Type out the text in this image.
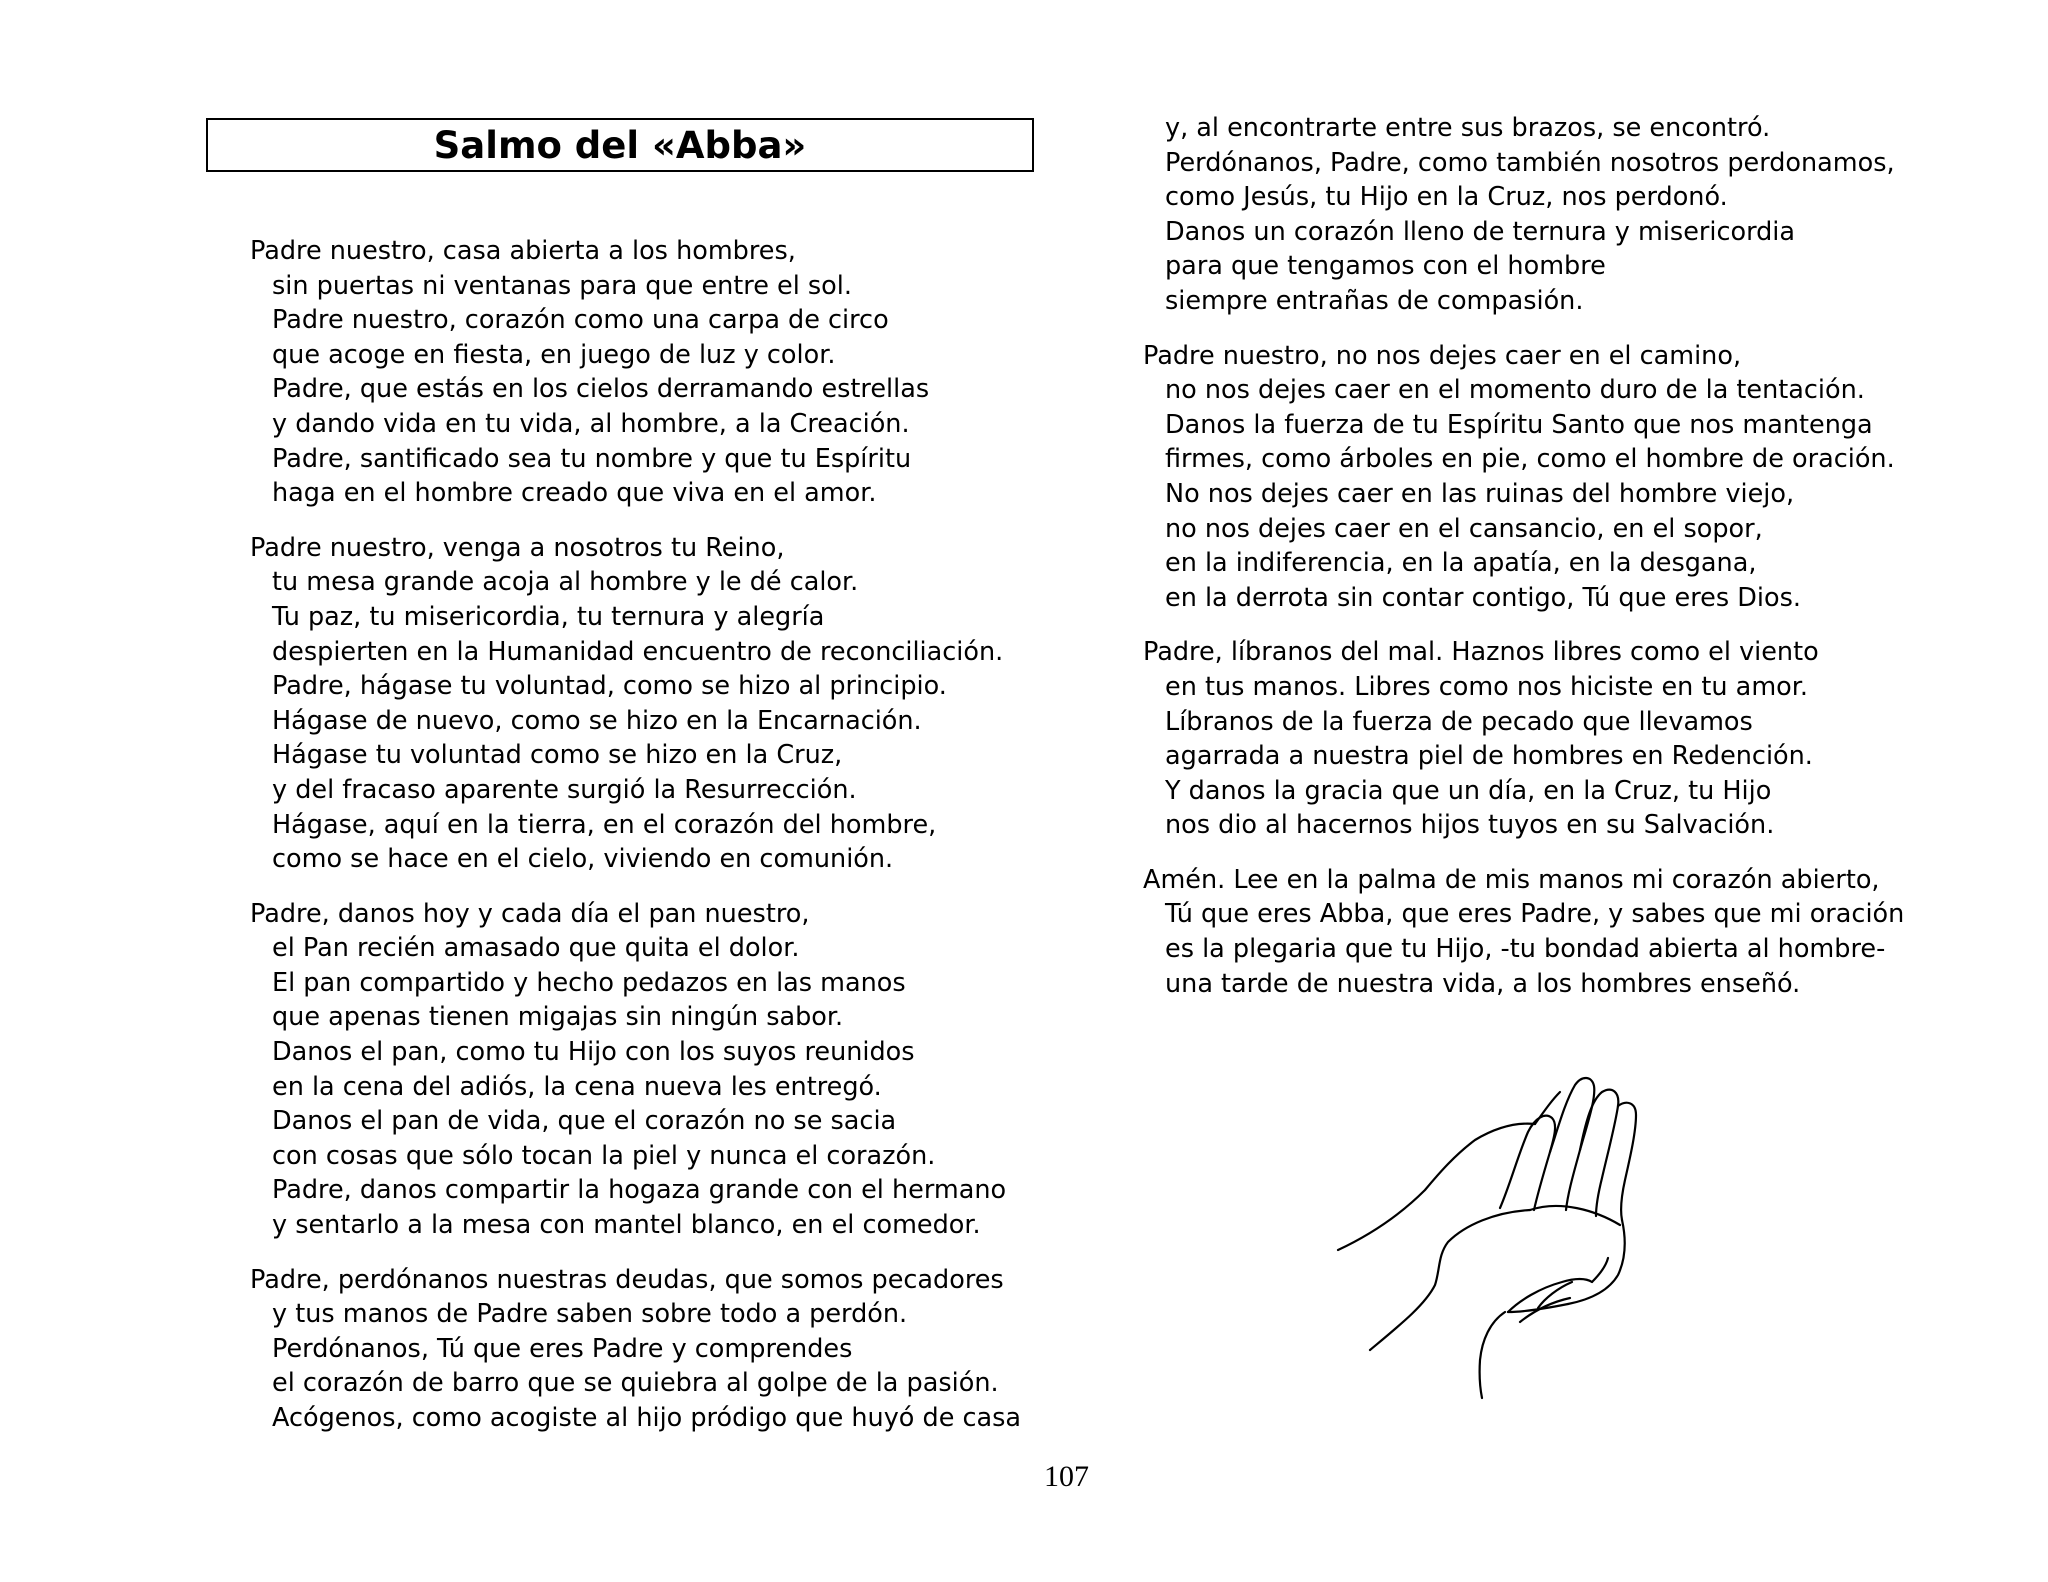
Salmo del «Abba»
Padre nuestro, casa abierta a los hombres,
sin puertas ni ventanas para que entre el sol.
Padre nuestro, corazón como una carpa de circo
que acoge en fiesta, en juego de luz y color.
Padre, que estás en los cielos derramando estrellas
y dando vida en tu vida, al hombre, a la Creación.
Padre, santificado sea tu nombre y que tu Espíritu
haga en el hombre creado que viva en el amor.
Padre nuestro, venga a nosotros tu Reino,
tu mesa grande acoja al hombre y le dé calor.
Tu paz, tu misericordia, tu ternura y alegría
despierten en la Humanidad encuentro de reconciliación.
Padre, hágase tu voluntad, como se hizo al principio.
Hágase de nuevo, como se hizo en la Encarnación.
Hágase tu voluntad como se hizo en la Cruz,
y del fracaso aparente surgió la Resurrección.
Hágase, aquí en la tierra, en el corazón del hombre,
como se hace en el cielo, viviendo en comunión.
Padre, danos hoy y cada día el pan nuestro,
el Pan recién amasado que quita el dolor.
El pan compartido y hecho pedazos en las manos
que apenas tienen migajas sin ningún sabor.
Danos el pan, como tu Hijo con los suyos reunidos
en la cena del adiós, la cena nueva les entregó.
Danos el pan de vida, que el corazón no se sacia
con cosas que sólo tocan la piel y nunca el corazón.
Padre, danos compartir la hogaza grande con el hermano
y sentarlo a la mesa con mantel blanco, en el comedor.
Padre, perdónanos nuestras deudas, que somos pecadores
y tus manos de Padre saben sobre todo a perdón.
Perdónanos, Tú que eres Padre y comprendes
el corazón de barro que se quiebra al golpe de la pasión.
Acógenos, como acogiste al hijo pródigo que huyó de casa
y, al encontrarte entre sus brazos, se encontró.
Perdónanos, Padre, como también nosotros perdonamos,
como Jesús, tu Hijo en la Cruz, nos perdonó.
Danos un corazón lleno de ternura y misericordia
para que tengamos con el hombre
siempre entrañas de compasión.
Padre nuestro, no nos dejes caer en el camino,
no nos dejes caer en el momento duro de la tentación.
Danos la fuerza de tu Espíritu Santo que nos mantenga
firmes, como árboles en pie, como el hombre de oración.
No nos dejes caer en las ruinas del hombre viejo,
no nos dejes caer en el cansancio, en el sopor,
en la indiferencia, en la apatía, en la desgana,
en la derrota sin contar contigo, Tú que eres Dios.
Padre, líbranos del mal. Haznos libres como el viento
en tus manos. Libres como nos hiciste en tu amor.
Líbranos de la fuerza de pecado que llevamos
agarrada a nuestra piel de hombres en Redención.
Y danos la gracia que un día, en la Cruz, tu Hijo
nos dio al hacernos hijos tuyos en su Salvación.
Amén. Lee en la palma de mis manos mi corazón abierto,
Tú que eres Abba, que eres Padre, y sabes que mi oración
es la plegaria que tu Hijo, -tu bondad abierta al hombre-
una tarde de nuestra vida, a los hombres enseñó.
107
